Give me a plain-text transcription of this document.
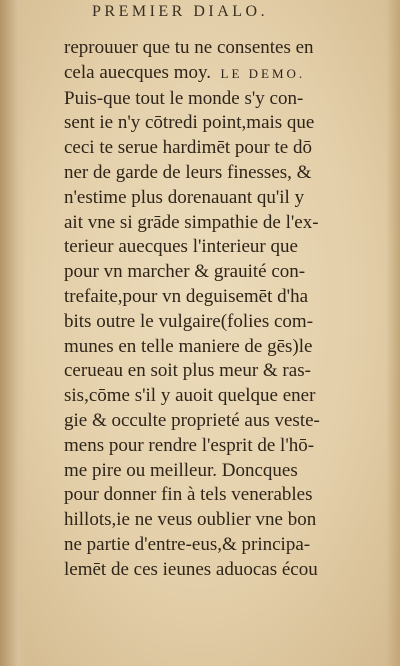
PREMIER DIALO.
reprouuer que tu ne consentes en
cela auecques moy. LE DEMO.
Puis-que tout le monde s'y con-
sent ie n'y cōtredi point,mais que
ceci te serue hardimēt pour te dō
ner de garde de leurs finesses, &
n'estime plus dorenauant qu'il y
ait vne si grāde simpathie de l'ex-
terieur auecques l'interieur que
pour vn marcher & grauité con-
trefaite,pour vn deguisemēt d'ha
bits outre le vulgaire(folies com-
munes en telle maniere de gēs)le
cerueau en soit plus meur & ras-
sis,cōme s'il y auoit quelque ener
gie & occulte proprieté aus veste-
mens pour rendre l'esprit de l'hō-
me pire ou meilleur. Doncques
pour donner fin à tels venerables
hillots,ie ne veus oublier vne bon
ne partie d'entre-eus,& principa-
lemēt de ces ieunes aduocas écou
